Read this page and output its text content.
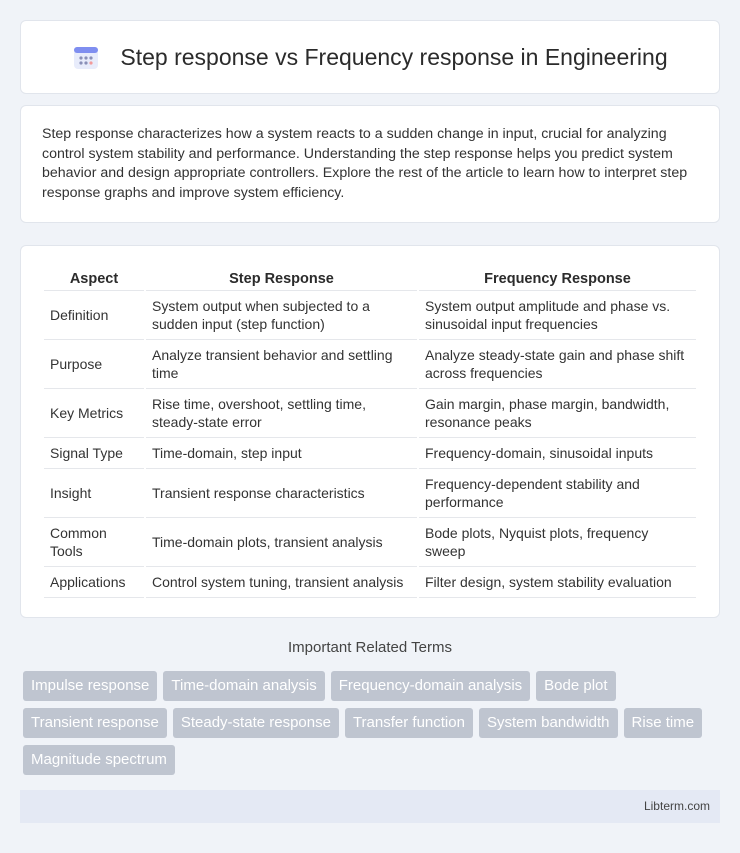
Step response vs Frequency response in Engineering

Step response characterizes how a system reacts to a sudden change in input, crucial for analyzing control system stability and performance. Understanding the step response helps you predict system behavior and design appropriate controllers. Explore the rest of the article to learn how to interpret step response graphs and improve system efficiency.

Aspect	Step Response	Frequency Response
Definition	System output when subjected to a sudden input (step function)	System output amplitude and phase vs. sinusoidal input frequencies
Purpose	Analyze transient behavior and settling time	Analyze steady-state gain and phase shift across frequencies
Key Metrics	Rise time, overshoot, settling time, steady-state error	Gain margin, phase margin, bandwidth, resonance peaks
Signal Type	Time-domain, step input	Frequency-domain, sinusoidal inputs
Insight	Transient response characteristics	Frequency-dependent stability and performance
Common Tools	Time-domain plots, transient analysis	Bode plots, Nyquist plots, frequency sweep
Applications	Control system tuning, transient analysis	Filter design, system stability evaluation
Important Related Terms
Impulse response	Time-domain analysis	Frequency-domain analysis	Bode plot
Transient response	Steady-state response	Transfer function	System bandwidth	Rise time
Magnitude spectrum
Libterm.com
